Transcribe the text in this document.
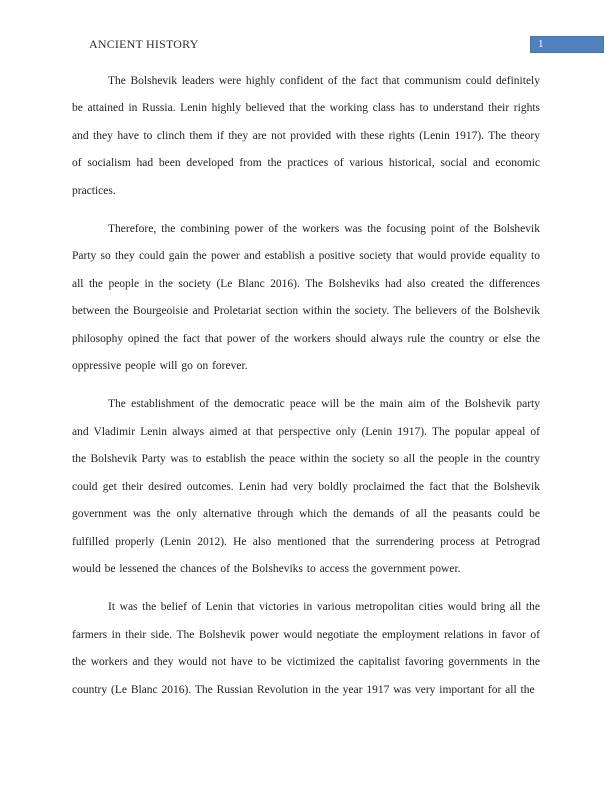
ANCIENT HISTORY	1

The Bolshevik leaders were highly confident of the fact that communism could definitely be attained in Russia. Lenin highly believed that the working class has to understand their rights and they have to clinch them if they are not provided with these rights (Lenin 1917). The theory of socialism had been developed from the practices of various historical, social and economic practices.

Therefore, the combining power of the workers was the focusing point of the Bolshevik Party so they could gain the power and establish a positive society that would provide equality to all the people in the society (Le Blanc 2016). The Bolsheviks had also created the differences between the Bourgeoisie and Proletariat section within the society. The believers of the Bolshevik philosophy opined the fact that power of the workers should always rule the country or else the oppressive people will go on forever.

The establishment of the democratic peace will be the main aim of the Bolshevik party and Vladimir Lenin always aimed at that perspective only (Lenin 1917). The popular appeal of the Bolshevik Party was to establish the peace within the society so all the people in the country could get their desired outcomes. Lenin had very boldly proclaimed the fact that the Bolshevik government was the only alternative through which the demands of all the peasants could be fulfilled properly (Lenin 2012). He also mentioned that the surrendering process at Petrograd would be lessened the chances of the Bolsheviks to access the government power.

It was the belief of Lenin that victories in various metropolitan cities would bring all the farmers in their side. The Bolshevik power would negotiate the employment relations in favor of the workers and they would not have to be victimized the capitalist favoring governments in the country (Le Blanc 2016). The Russian Revolution in the year 1917 was very important for all the
